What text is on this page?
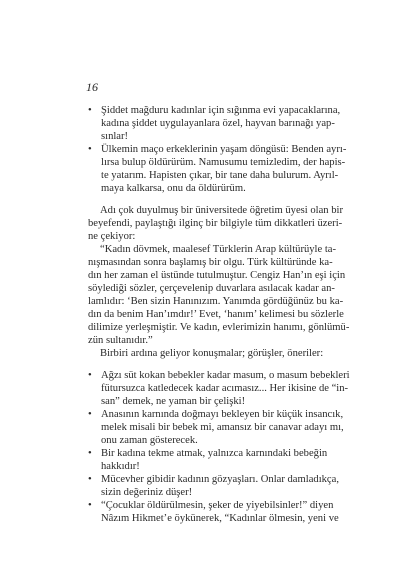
16
• Şiddet mağduru kadınlar için sığınma evi yapacaklarına,
kadına şiddet uygulayanlara özel, hayvan barınağı yap-
sınlar!
• Ülkemin maço erkeklerinin yaşam döngüsü: Benden ayrı-
lırsa bulup öldürürüm. Namusumu temizledim, der hapis-
te yatarım. Hapisten çıkar, bir tane daha bulurum. Ayrıl-
maya kalkarsa, onu da öldürürüm.
Adı çok duyulmuş bir üniversitede öğretim üyesi olan bir
beyefendi, paylaştığı ilginç bir bilgiyle tüm dikkatleri üzeri-
ne çekiyor:
“Kadın dövmek, maalesef Türklerin Arap kültürüyle ta-
nışmasından sonra başlamış bir olgu. Türk kültüründe ka-
dın her zaman el üstünde tutulmuştur. Cengiz Han’ın eşi için
söylediği sözler, çerçevelenip duvarlara asılacak kadar an-
lamlıdır: ‘Ben sizin Hanınızım. Yanımda gördüğünüz bu ka-
dın da benim Han’ımdır!’ Evet, ‘hanım’ kelimesi bu sözlerle
dilimize yerleşmiştir. Ve kadın, evlerimizin hanımı, gönlümü-
zün sultanıdır.”
Birbiri ardına geliyor konuşmalar; görüşler, öneriler:
• Ağzı süt kokan bebekler kadar masum, o masum bebekleri
fütursuzca katledecek kadar acımasız... Her ikisine de “in-
san” demek, ne yaman bir çelişki!
• Anasının karnında doğmayı bekleyen bir küçük insancık,
melek misali bir bebek mi, amansız bir canavar adayı mı,
onu zaman gösterecek.
• Bir kadına tekme atmak, yalnızca karnındaki bebeğin
hakkıdır!
• Mücevher gibidir kadının gözyaşları. Onlar damladıkça,
sizin değeriniz düşer!
• “Çocuklar öldürülmesin, şeker de yiyebilsinler!” diyen
Nâzım Hikmet’e öykünerek, “Kadınlar ölmesin, yeni ve
